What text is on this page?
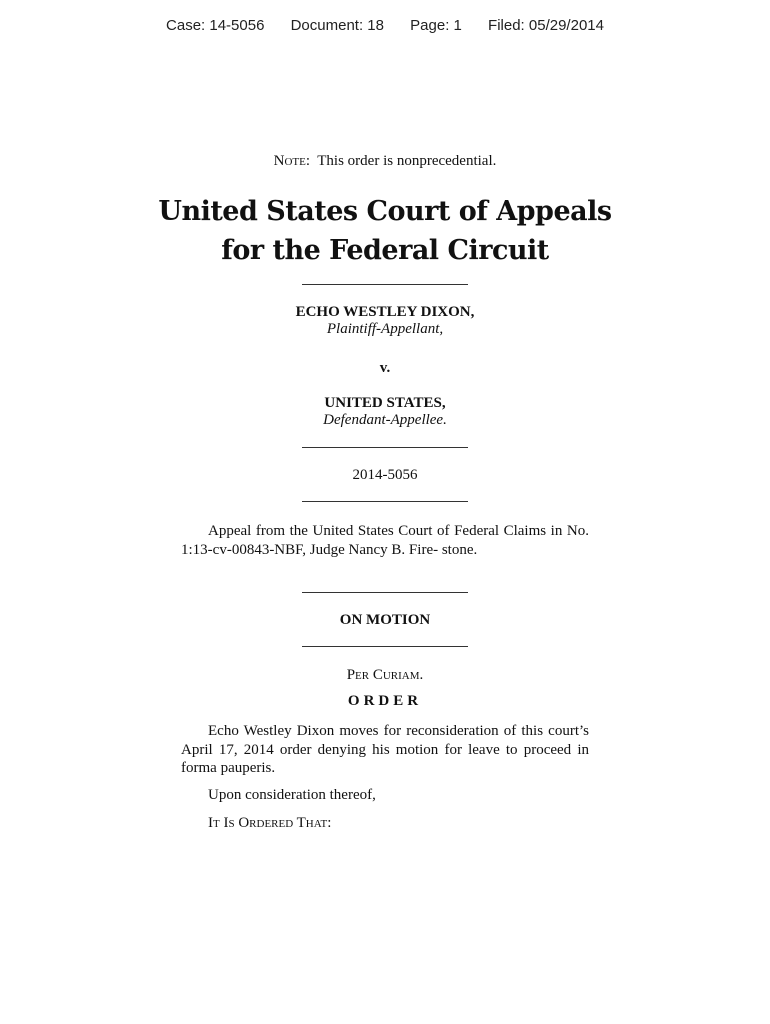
Case: 14-5056 Document: 18 Page: 1 Filed: 05/29/2014
Note: This order is nonprecedential.
United States Court of Appeals
for the Federal Circuit
ECHO WESTLEY DIXON,
Plaintiff-Appellant,
v.
UNITED STATES,
Defendant-Appellee.
2014-5056
Appeal from the United States Court of Federal Claims in No. 1:13-cv-00843-NBF, Judge Nancy B. Fire- stone.
ON MOTION
Per Curiam.
ORDER
Echo Westley Dixon moves for reconsideration of this court’s April 17, 2014 order denying his motion for leave to proceed in forma pauperis.
Upon consideration thereof,
It Is Ordered That:
